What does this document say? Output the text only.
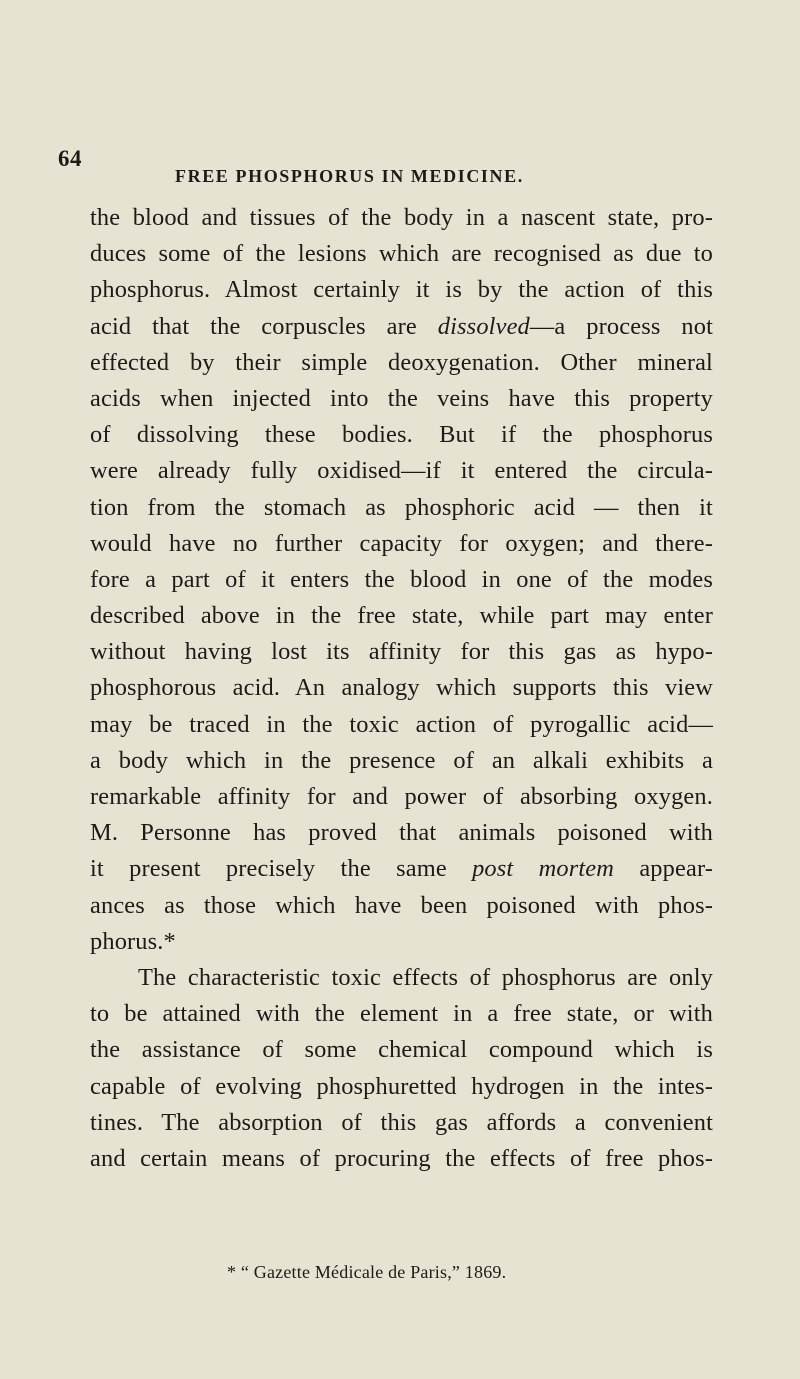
64
FREE PHOSPHORUS IN MEDICINE.
the blood and tissues of the body in a nascent state, pro-
duces some of the lesions which are recognised as due to
phosphorus. Almost certainly it is by the action of this
acid that the corpuscles are dissolved—a process not
effected by their simple deoxygenation. Other mineral
acids when injected into the veins have this property
of dissolving these bodies. But if the phosphorus
were already fully oxidised—if it entered the circula-
tion from the stomach as phosphoric acid — then it
would have no further capacity for oxygen; and there-
fore a part of it enters the blood in one of the modes
described above in the free state, while part may enter
without having lost its affinity for this gas as hypo-
phosphorous acid. An analogy which supports this view
may be traced in the toxic action of pyrogallic acid—
a body which in the presence of an alkali exhibits a
remarkable affinity for and power of absorbing oxygen.
M. Personne has proved that animals poisoned with
it present precisely the same post mortem appear-
ances as those which have been poisoned with phos-
phorus.*
The characteristic toxic effects of phosphorus are only
to be attained with the element in a free state, or with
the assistance of some chemical compound which is
capable of evolving phosphuretted hydrogen in the intes-
tines. The absorption of this gas affords a convenient
and certain means of procuring the effects of free phos-
* “ Gazette Médicale de Paris,” 1869.
